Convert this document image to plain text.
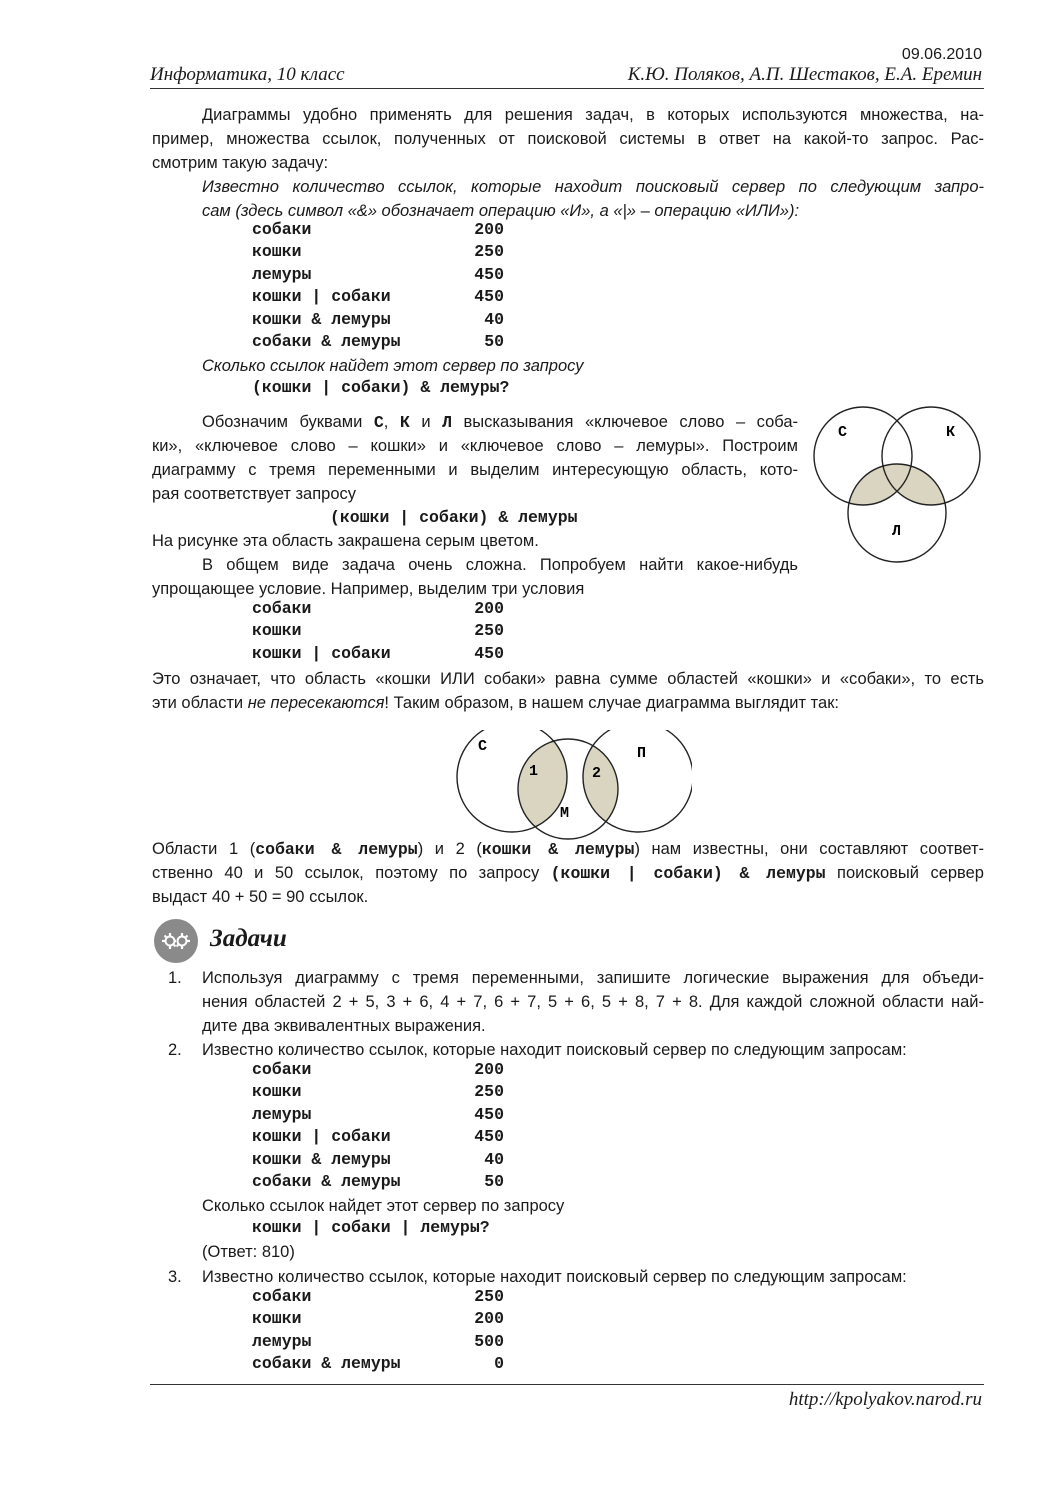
09.06.2010
Информатика, 10 класс	К.Ю. Поляков, А.П. Шестаков, Е.А. Еремин
Диаграммы удобно применять для решения задач, в которых используются множества, на-
пример, множества ссылок, полученных от поисковой системы в ответ на какой-то запрос. Рас-
смотрим такую задачу:
Известно количество ссылок, которые находит поисковый сервер по следующим запро-
сам (здесь символ «&» обозначает операцию «И», а «|» – операцию «ИЛИ»):
собаки	200
кошки	250
лемуры	450
кошки | собаки	450
кошки & лемуры	40
собаки & лемуры	50
Сколько ссылок найдет этот сервер по запросу
(кошки | собаки) & лемуры?
Обозначим буквами С, К и Л высказывания «ключевое слово – соба-
ки», «ключевое слово – кошки» и «ключевое слово – лемуры». Построим
диаграмму с тремя переменными и выделим интересующую область, кото-
рая соответствует запросу
(кошки | собаки) & лемуры
На рисунке эта область закрашена серым цветом.
В общем виде задача очень сложна. Попробуем найти какое-нибудь
упрощающее условие. Например, выделим три условия
С	К
Л
собаки	200
кошки	250
кошки | собаки	450
Это означает, что область «кошки ИЛИ собаки» равна сумме областей «кошки» и «собаки», то есть
эти области не пересекаются! Таким образом, в нашем случае диаграмма выглядит так:
С	П
М
1	2
Области 1 (собаки & лемуры) и 2 (кошки & лемуры) нам известны, они составляют соответ-
ственно 40 и 50 ссылок, поэтому по запросу (кошки | собаки) & лемуры поисковый сервер
выдаст 40 + 50 = 90 ссылок.
Задачи
1. Используя диаграмму с тремя переменными, запишите логические выражения для объеди-
нения областей 2 + 5, 3 + 6, 4 + 7, 6 + 7, 5 + 6, 5 + 8, 7 + 8. Для каждой сложной области най-
дите два эквивалентных выражения.
2. Известно количество ссылок, которые находит поисковый сервер по следующим запросам:
собаки	200
кошки	250
лемуры	450
кошки | собаки	450
кошки & лемуры	40
собаки & лемуры	50
Сколько ссылок найдет этот сервер по запросу
кошки | собаки | лемуры?
(Ответ: 810)
3. Известно количество ссылок, которые находит поисковый сервер по следующим запросам:
собаки	250
кошки	200
лемуры	500
собаки & лемуры	0
http://kpolyakov.narod.ru
